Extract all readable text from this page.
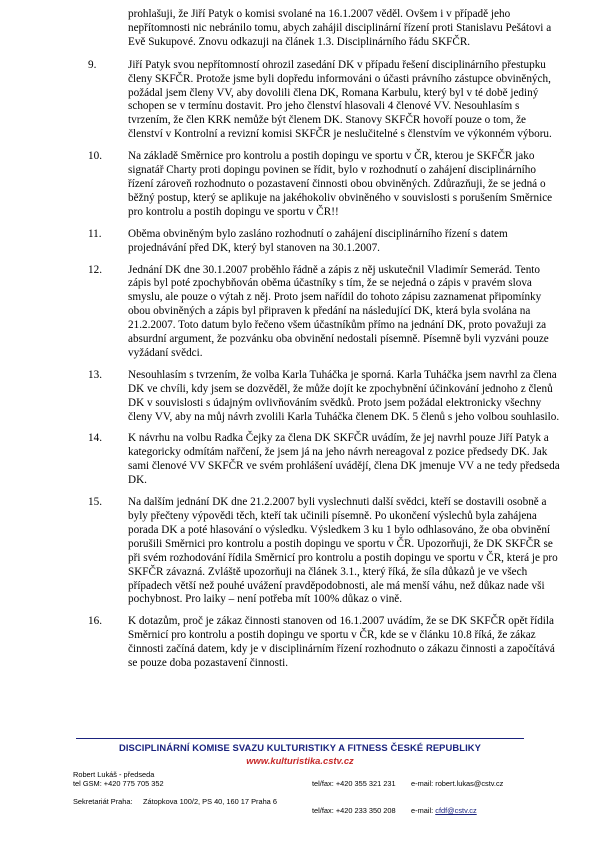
prohlašuji, že Jiří Patyk o komisi svolané na 16.1.2007 věděl. Ovšem i v případě jeho nepřítomnosti nic nebránilo tomu, abych zahájil disciplinární řízení proti Stanislavu Pešátovi a Evě Sukupové. Znovu odkazuji na článek 1.3. Disciplinárního řádu SKFČR.
9.	Jiří Patyk svou nepřítomností ohrozil zasedání DK v případu řešení disciplinárního přestupku členy SKFČR. Protože jsme byli dopředu informováni o účasti právního zástupce obviněných, požádal jsem členy VV, aby dovolili člena DK, Romana Karbulu, který byl v té době jediný schopen se v termínu dostavit. Pro jeho členství hlasovali 4 členové VV. Nesouhlasím s tvrzením, že člen KRK nemůže být členem DK. Stanovy SKFČR hovoří pouze o tom, že členství v Kontrolní a revizní komisi SKFČR je neslučitelné s členstvím ve výkonném výboru.
10.	Na základě Směrnice pro kontrolu a postih dopingu ve sportu v ČR, kterou je SKFČR jako signatář Charty proti dopingu povinen se řídit, bylo v rozhodnutí o zahájení disciplinárního řízení zároveň rozhodnuto o pozastavení činnosti obou obviněných. Zdůrazňuji, že se jedná o běžný postup, který se aplikuje na jakéhokoliv obviněného v souvislosti s porušením Směrnice pro kontrolu a postih dopingu ve sportu v ČR!!
11.	Oběma obviněným bylo zasláno rozhodnutí o zahájení disciplinárního řízení s datem projednávání před DK, který byl stanoven na 30.1.2007.
12.	Jednání DK dne 30.1.2007 proběhlo řádně a zápis z něj uskutečnil Vladimír Semerád. Tento zápis byl poté zpochybňován oběma účastníky s tím, že se nejedná o zápis v pravém slova smyslu, ale pouze o výtah z něj. Proto jsem nařídil do tohoto zápisu zaznamenat připomínky obou obviněných a zápis byl připraven k předání na následující DK, která byla svolána na 21.2.2007. Toto datum bylo řečeno všem účastníkům přímo na jednání DK, proto považuji za absurdní argument, že pozvánku oba obvinění nedostali písemně. Písemně byli vyzváni pouze vyžádaní svědci.
13.	Nesouhlasím s tvrzením, že volba Karla Tuháčka je sporná. Karla Tuháčka jsem navrhl za člena DK ve chvíli, kdy jsem se dozvěděl, že může dojít ke zpochybnění účinkování jednoho z členů DK v souvislosti s údajným ovlivňováním svědků. Proto jsem požádal elektronicky všechny členy VV, aby na můj návrh zvolili Karla Tuháčka členem DK. 5 členů s jeho volbou souhlasilo.
14.	K návrhu na volbu Radka Čejky za člena DK SKFČR uvádím, že jej navrhl pouze Jiří Patyk a kategoricky odmítám nařčení, že jsem já na jeho návrh nereagoval z pozice předsedy DK. Jak sami členové VV SKFČR ve svém prohlášení uvádějí, člena DK jmenuje VV a ne tedy předseda DK.
15.	Na dalším jednání DK dne 21.2.2007 byli vyslechnuti další svědci, kteří se dostavili osobně a byly přečteny výpovědi těch, kteří tak učinili písemně. Po ukončení výslechů byla zahájena porada DK a poté hlasování o výsledku. Výsledkem 3 ku 1 bylo odhlasováno, že oba obvinění porušili Směrnici pro kontrolu a postih dopingu ve sportu v ČR. Upozorňuji, že DK SKFČR se při svém rozhodování řídila Směrnicí pro kontrolu a postih dopingu ve sportu v ČR, která je pro SKFČR závazná. Zvláště upozorňuji na článek 3.1., který říká, že síla důkazů je ve všech případech větší než pouhé uvážení pravděpodobnosti, ale má menší váhu, než důkaz nade vši pochybnost. Pro laiky – není potřeba mít 100% důkaz o vině.
16.	K dotazům, proč je zákaz činnosti stanoven od 16.1.2007 uvádím, že se DK SKFČR opět řídila Směrnicí pro kontrolu a postih dopingu ve sportu v ČR, kde se v článku 10.8 říká, že zákaz činnosti začíná datem, kdy je v disciplinárním řízení rozhodnuto o zákazu činnosti a započítává se pouze doba pozastavení činnosti.
DISCIPLINÁRNÍ KOMISE SVAZU KULTURISTIKY A FITNESS ČESKÉ REPUBLIKY
www.kulturistika.cstv.cz
Robert Lukáš - předseda
tel GSM: +420 775 705 352	tel/fax: +420 355 321 231 e-mail: robert.lukas@cstv.cz
Sekretariát Praha: Zátopkova 100/2, PS 40, 160 17 Praha 6
tel/fax: +420 233 350 208 e-mail: cfdf@cstv.cz
